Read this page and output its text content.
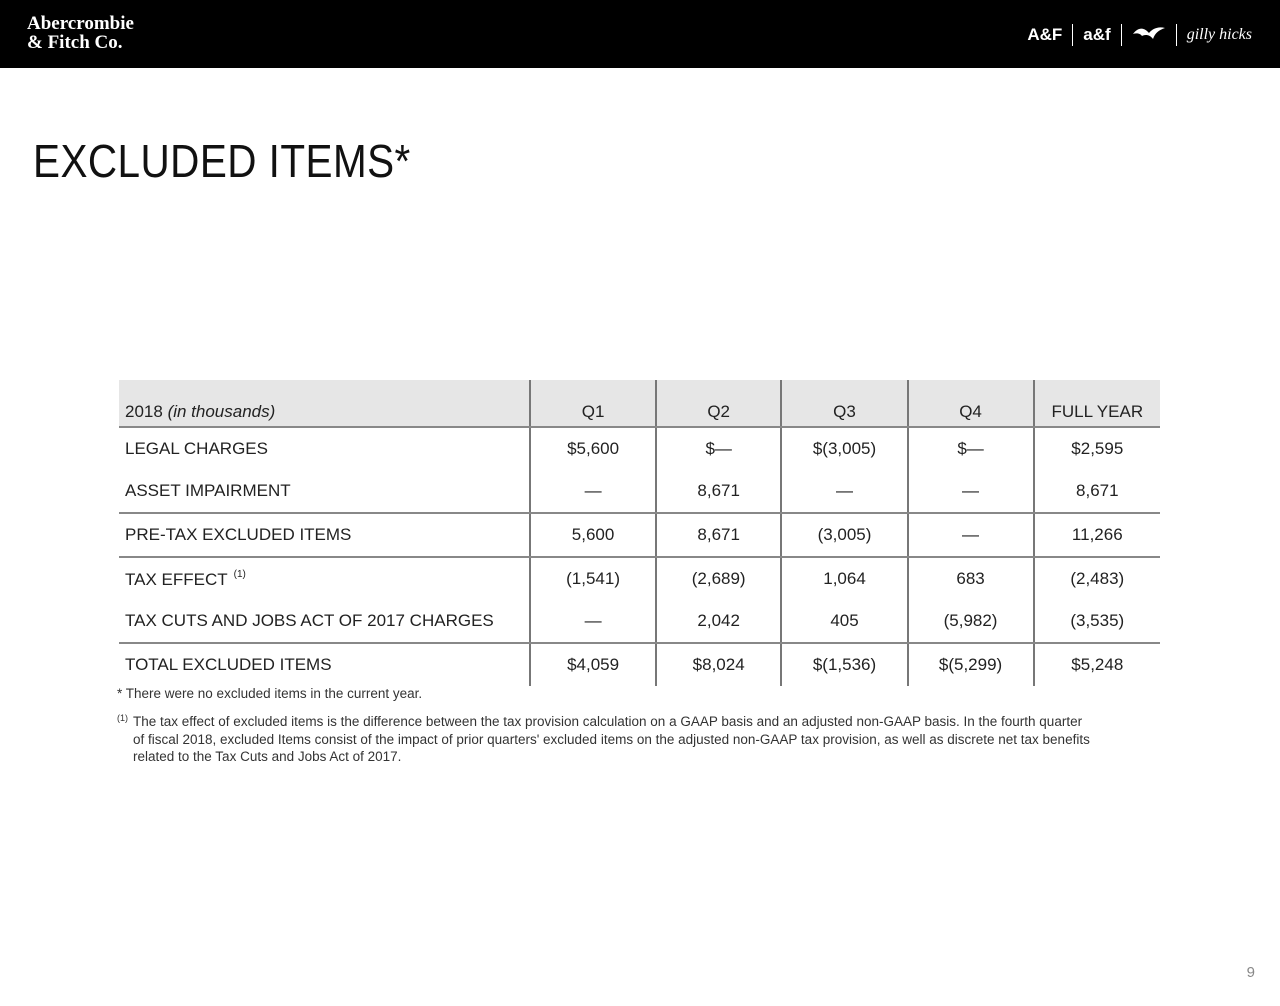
Abercrombie
& Fitch Co.	A&F a&f	gilly hicks
EXCLUDED ITEMS*
2018 (in thousands)	Q1	Q2	Q3	Q4	FULL YEAR
LEGAL CHARGES	$5,600	$—	$(3,005)	$—	$2,595
ASSET IMPAIRMENT	—	8,671	—	—	8,671
PRE-TAX EXCLUDED ITEMS	5,600	8,671	(3,005)	—	11,266
TAX EFFECT $^{(1)}$	(1,541)	(2,689)	1,064	683	(2,483)
TAX CUTS AND JOBS ACT OF 2017 CHARGES	—	2,042	405	(5,982)	(3,535)
TOTAL EXCLUDED ITEMS	$4,059	$8,024	$(1,536)	$(5,299)	$5,248
* There were no excluded items in the current year.
(1) The tax effect of excluded items is the difference between the tax provision calculation on a GAAP basis and an adjusted non-GAAP basis. In the fourth quarter
of fiscal 2018, excluded Items consist of the impact of prior quarters' excluded items on the adjusted non-GAAP tax provision, as well as discrete net tax benefits
related to the Tax Cuts and Jobs Act of 2017.
9
